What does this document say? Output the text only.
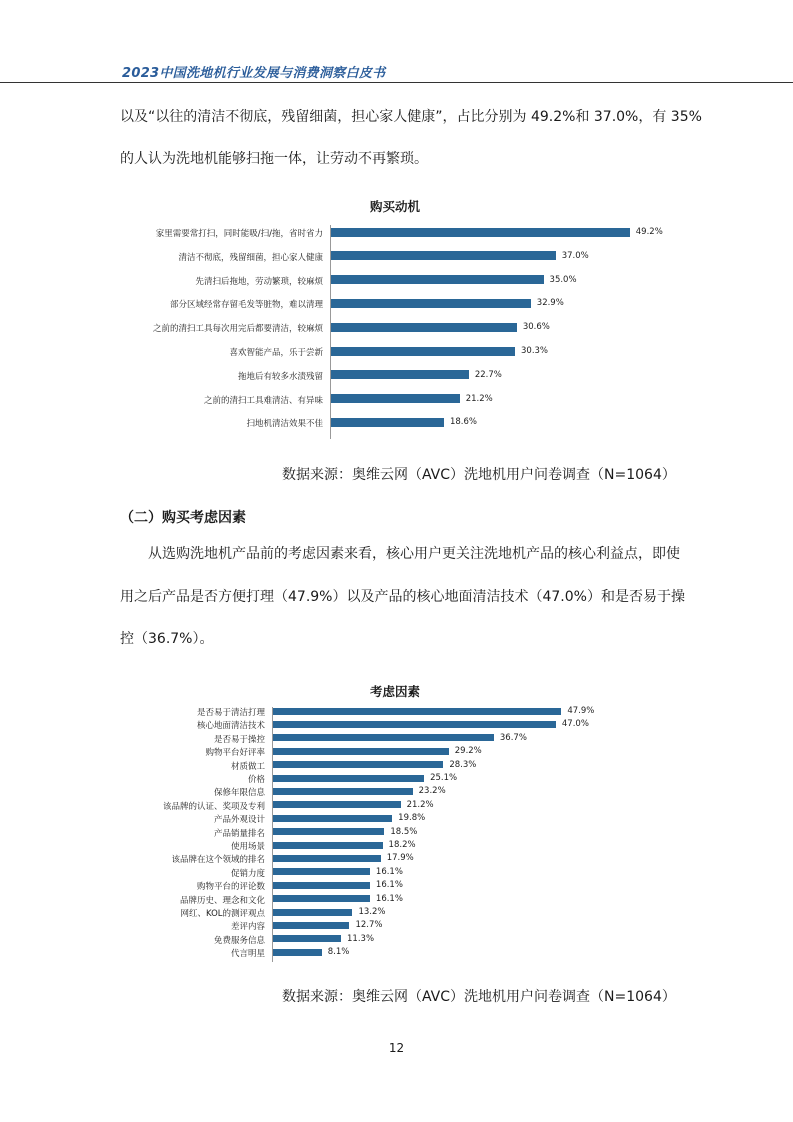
2023中国洗地机行业发展与消费洞察白皮书
以及“以往的清洁不彻底，残留细菌，担心家人健康”，占比分别为 49.2%和 37.0%，有 35%
的人认为洗地机能够扫拖一体，让劳动不再繁琐。
购买动机
家里需要常打扫，同时能吸/扫/拖，省时省力	49.2%
清洁不彻底，残留细菌，担心家人健康	37.0%
先清扫后拖地，劳动繁琐，较麻烦	35.0%
部分区域经常存留毛发等脏物，难以清理	32.9%
之前的清扫工具每次用完后都要清洁，较麻烦	30.6%
喜欢智能产品，乐于尝新	30.3%
拖地后有较多水渍残留	22.7%
之前的清扫工具难清洁、有异味	21.2%
扫地机清洁效果不佳	18.6%
数据来源：奥维云网（AVC）洗地机用户问卷调查（N=1064）
（二）购买考虑因素
从选购洗地机产品前的考虑因素来看，核心用户更关注洗地机产品的核心利益点，即使
用之后产品是否方便打理（47.9%）以及产品的核心地面清洁技术（47.0%）和是否易于操
控（36.7%）。
考虑因素
是否易于清洁打理	47.9%
核心地面清洁技术	47.0%
是否易于操控	36.7%
购物平台好评率	29.2%
材质做工	28.3%
价格	25.1%
保修年限信息	23.2%
该品牌的认证、奖项及专利	21.2%
产品外观设计	19.8%
产品销量排名	18.5%
使用场景	18.2%
该品牌在这个领域的排名	17.9%
促销力度	16.1%
购物平台的评论数	16.1%
品牌历史、理念和文化	16.1%
网红、KOL的测评观点	13.2%
差评内容	12.7%
免费服务信息	11.3%
代言明星	8.1%
数据来源：奥维云网（AVC）洗地机用户问卷调查（N=1064）
12
